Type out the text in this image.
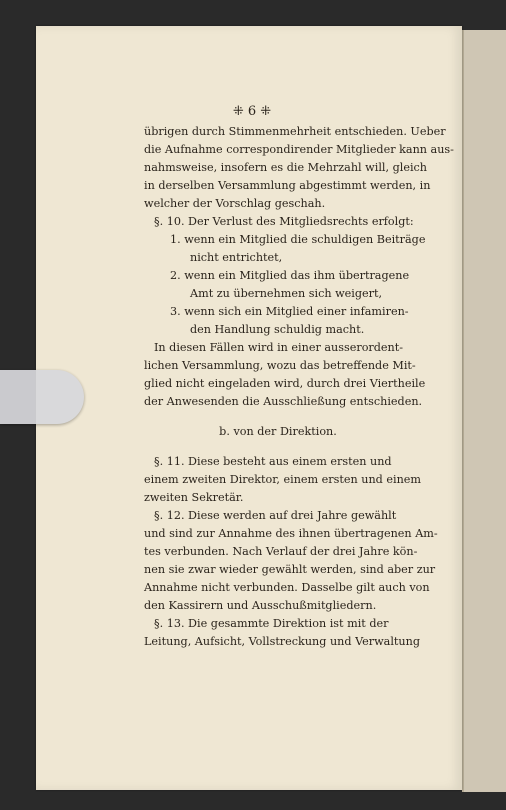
⁜ 6 ⁜
übrigen durch Stimmenmehrheit entschieden. Ueber
die Aufnahme correspondirender Mitglieder kann aus-
nahmsweise, insofern es die Mehrzahl will, gleich
in derselben Versammlung abgestimmt werden, in
welcher der Vorschlag geschah.
§. 10. Der Verlust des Mitgliedsrechts erfolgt:
1. wenn ein Mitglied die schuldigen Beiträge
nicht entrichtet,
2. wenn ein Mitglied das ihm übertragene
Amt zu übernehmen sich weigert,
3. wenn sich ein Mitglied einer infamiren-
den Handlung schuldig macht.
In diesen Fällen wird in einer ausserordent-
lichen Versammlung, wozu das betreffende Mit-
glied nicht eingeladen wird, durch drei Viertheile
der Anwesenden die Ausschließung entschieden.
b. von der Direktion.
§. 11. Diese besteht aus einem ersten und
einem zweiten Direktor, einem ersten und einem
zweiten Sekretär.
§. 12. Diese werden auf drei Jahre gewählt
und sind zur Annahme des ihnen übertragenen Am-
tes verbunden. Nach Verlauf der drei Jahre kön-
nen sie zwar wieder gewählt werden, sind aber zur
Annahme nicht verbunden. Dasselbe gilt auch von
den Kassirern und Ausschußmitgliedern.
§. 13. Die gesammte Direktion ist mit der
Leitung, Aufsicht, Vollstreckung und Verwaltung
